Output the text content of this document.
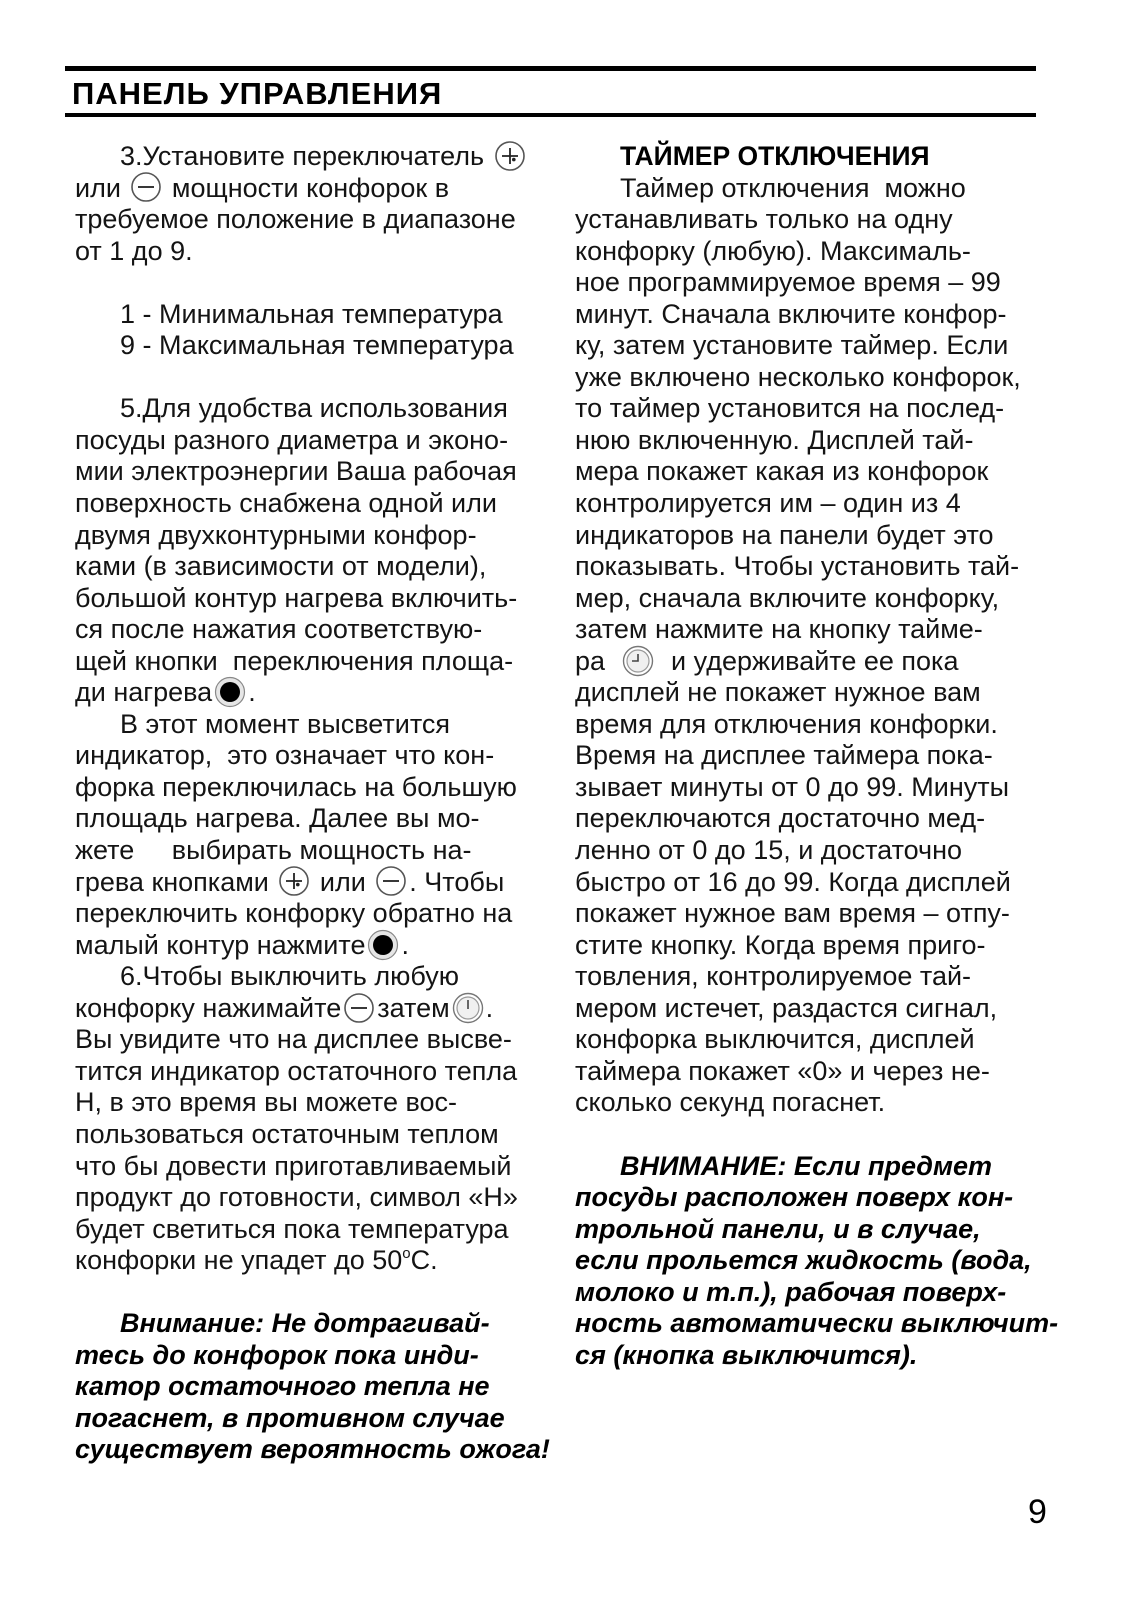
ПАНЕЛЬ УПРАВЛЕНИЯ
3.Установите переключатель
или
мощности конфорок в
требуемое положение в диапазоне
от 1 до 9.
1 - Минимальная температура
9 - Максимальная температура
5.Для удобства использования
посуды разного диаметра и эконо-
мии электроэнергии Ваша рабочая
поверхность снабжена одной или
двумя двухконтурными конфор-
ками (в зависимости от модели),
большой контур нагрева включить-
ся после нажатия соответствую-
щей кнопки  переключения площа-
ди нагрева .
В этот момент высветится
индикатор,  это означает что кон-
форка переключилась на большую
площадь нагрева. Далее вы мо-
жете     выбирать мощность на-
грева кнопками
или
. Чтобы
переключить конфорку обратно на
малый контур нажмите .
6.Чтобы выключить любую
конфорку нажимайте затем .
Вы увидите что на дисплее высве-
тится индикатор остаточного тепла
Н, в это время вы можете вос-
пользоваться остаточным теплом
что бы довести приготавливаемый
продукт до готовности, символ «Н»
будет светиться пока температура
конфорки не упадет до 50$^o$С.
Внимание: Не дотрагивай-
тесь до конфорок пока инди-
катор остаточного тепла не
погаснет, в противном случае
существует вероятность ожога!
ТАЙМЕР ОТКЛЮЧЕНИЯ
Таймер отключения  можно
устанавливать только на одну
конфорку (любую). Максималь-
ное программируемое время – 99
минут. Сначала включите конфор-
ку, затем установите таймер. Если
уже включено несколько конфорок,
то таймер установится на послед-
нюю включенную. Дисплей тай-
мера покажет какая из конфорок
контролируется им – один из 4
индикаторов на панели будет это
показывать. Чтобы установить тай-
мер, сначала включите конфорку,
затем нажмите на кнопку тайме-
ра
и удерживайте ее пока
дисплей не покажет нужное вам
время для отключения конфорки.
Время на дисплее таймера пока-
зывает минуты от 0 до 99. Минуты
переключаются достаточно мед-
ленно от 0 до 15, и достаточно
быстро от 16 до 99. Когда дисплей
покажет нужное вам время – отпу-
стите кнопку. Когда время приго-
товления, контролируемое тай-
мером истечет, раздастся сигнал,
конфорка выключится, дисплей
таймера покажет «0» и через не-
сколько секунд погаснет.
ВНИМАНИЕ: Если предмет
посуды расположен поверх кон-
трольной панели, и в случае,
если прольется жидкость (вода,
молоко и т.п.), рабочая поверх-
ность автоматически выключит-
ся (кнопка выключится).
9
